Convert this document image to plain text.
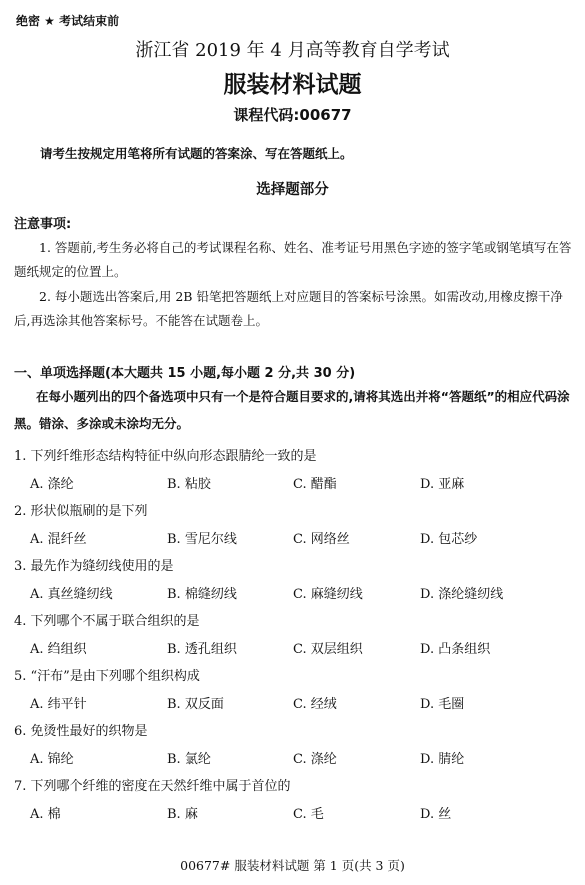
绝密 ★ 考试结束前
浙江省 2019 年 4 月高等教育自学考试
服装材料试题
课程代码:00677
请考生按规定用笔将所有试题的答案涂、写在答题纸上。
选择题部分
注意事项:
1. 答题前,考生务必将自己的考试课程名称、姓名、准考证号用黑色字迹的签字笔或钢笔填写在答题纸规定的位置上。
2. 每小题选出答案后,用 2B 铅笔把答题纸上对应题目的答案标号涂黑。如需改动,用橡皮擦干净后,再选涂其他答案标号。不能答在试题卷上。
一、单项选择题(本大题共 15 小题,每小题 2 分,共 30 分)
在每小题列出的四个备选项中只有一个是符合题目要求的,请将其选出并将“答题纸”的相应代码涂黑。错涂、多涂或未涂均无分。
1. 下列纤维形态结构特征中纵向形态跟腈纶一致的是
A. 涤纶	B. 粘胶	C. 醋酯	D. 亚麻
2. 形状似瓶刷的是下列
A. 混纤丝	B. 雪尼尔线	C. 网络丝	D. 包芯纱
3. 最先作为缝纫线使用的是
A. 真丝缝纫线	B. 棉缝纫线	C. 麻缝纫线	D. 涤纶缝纫线
4. 下列哪个不属于联合组织的是
A. 绉组织	B. 透孔组织	C. 双层组织	D. 凸条组织
5. “汗布”是由下列哪个组织构成
A. 纬平针	B. 双反面	C. 经绒	D. 毛圈
6. 免烫性最好的织物是
A. 锦纶	B. 氯纶	C. 涤纶	D. 腈纶
7. 下列哪个纤维的密度在天然纤维中属于首位的
A. 棉	B. 麻	C. 毛	D. 丝
00677# 服装材料试题 第 1 页(共 3 页)
